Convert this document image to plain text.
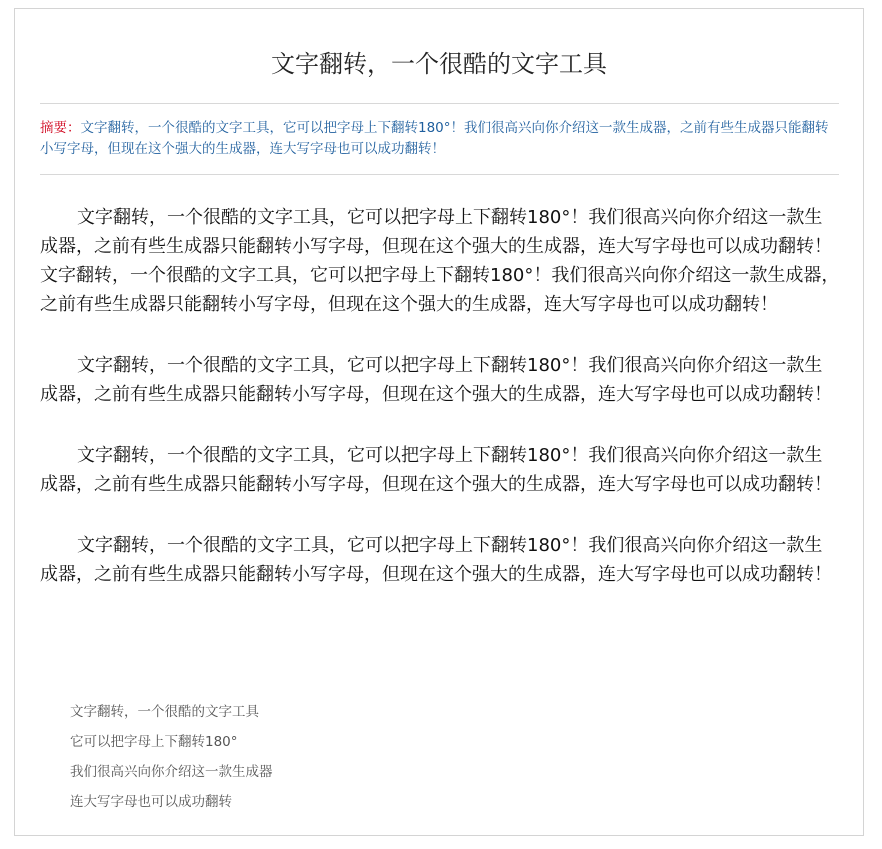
文字翻转，一个很酷的文字工具
摘要：文字翻转，一个很酷的文字工具，它可以把字母上下翻转180°！我们很高兴向你介绍这一款生成器，之前有些生成器只能翻转小写字母，但现在这个强大的生成器，连大写字母也可以成功翻转！

文字翻转，一个很酷的文字工具，它可以把字母上下翻转180°！我们很高兴向你介绍这一款生成器，之前有些生成器只能翻转小写字母，但现在这个强大的生成器，连大写字母也可以成功翻转！文字翻转，一个很酷的文字工具，它可以把字母上下翻转180°！我们很高兴向你介绍这一款生成器，之前有些生成器只能翻转小写字母，但现在这个强大的生成器，连大写字母也可以成功翻转！

文字翻转，一个很酷的文字工具，它可以把字母上下翻转180°！我们很高兴向你介绍这一款生成器，之前有些生成器只能翻转小写字母，但现在这个强大的生成器，连大写字母也可以成功翻转！

文字翻转，一个很酷的文字工具，它可以把字母上下翻转180°！我们很高兴向你介绍这一款生成器，之前有些生成器只能翻转小写字母，但现在这个强大的生成器，连大写字母也可以成功翻转！

文字翻转，一个很酷的文字工具，它可以把字母上下翻转180°！我们很高兴向你介绍这一款生成器，之前有些生成器只能翻转小写字母，但现在这个强大的生成器，连大写字母也可以成功翻转！

文字翻转，一个很酷的文字工具
它可以把字母上下翻转180°
我们很高兴向你介绍这一款生成器
连大写字母也可以成功翻转
